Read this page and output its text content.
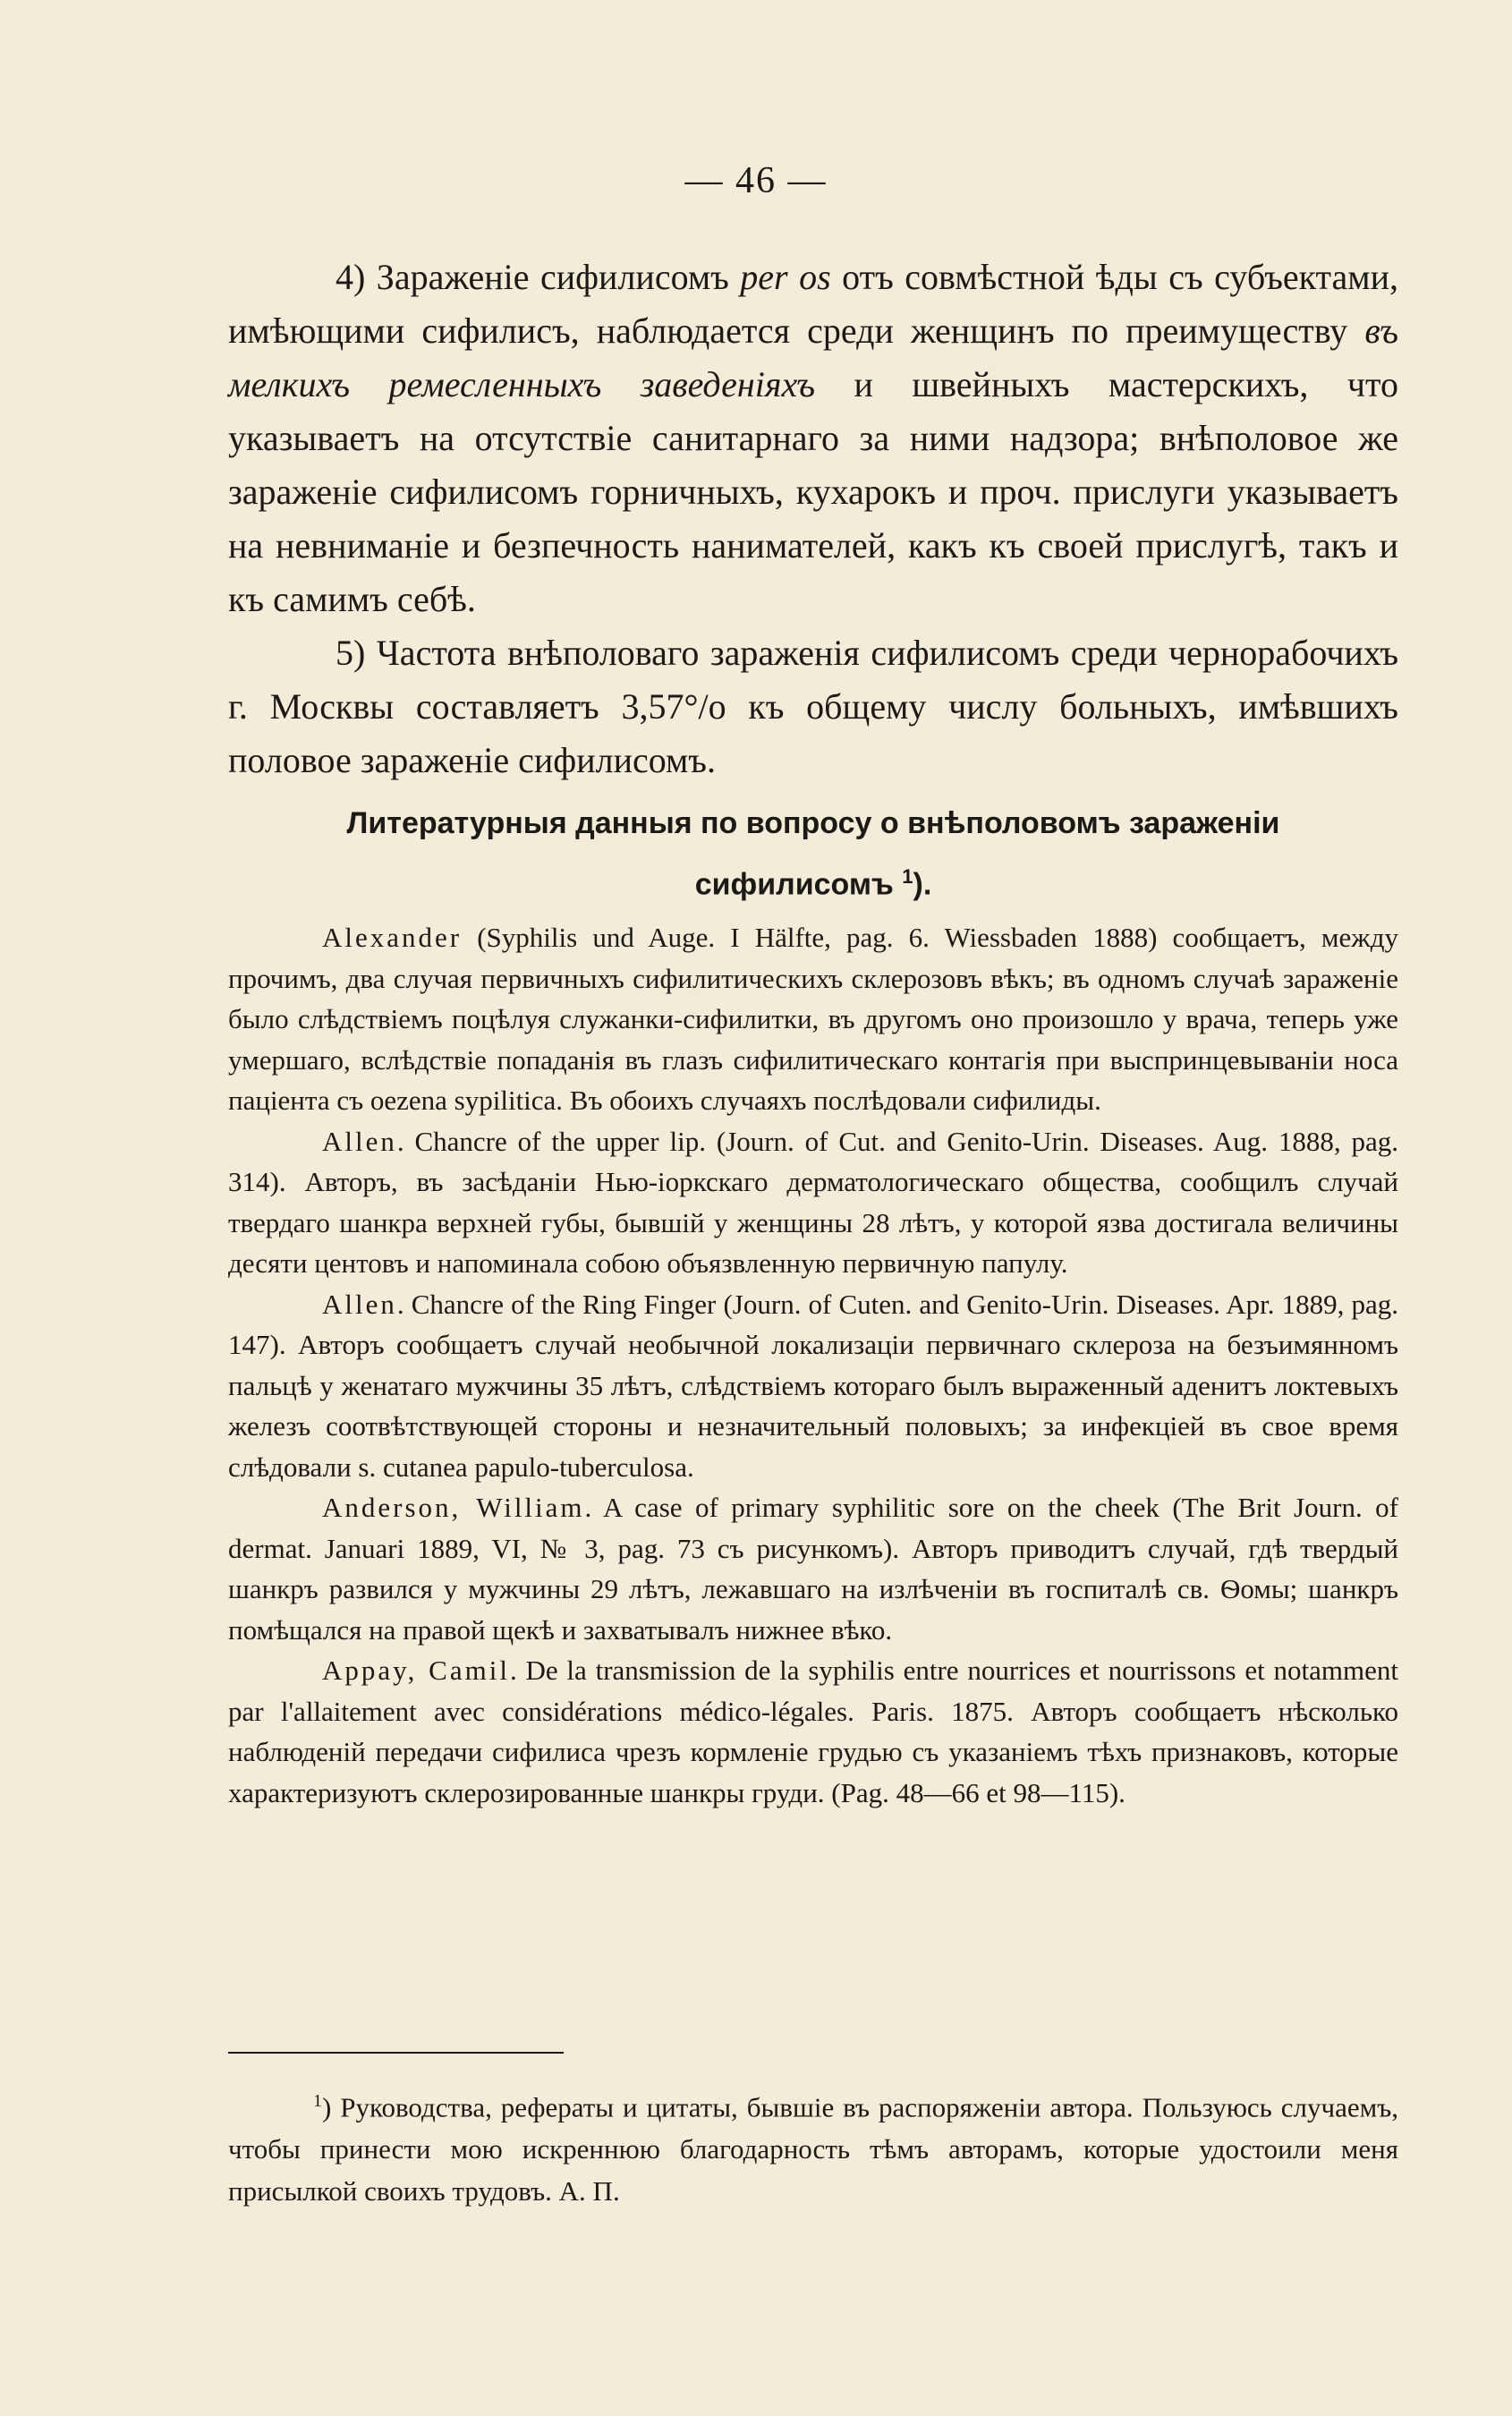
— 46 —

4) Зараженіе сифилисомъ per os отъ совмѣстной ѣды съ субъектами, имѣющими сифилисъ, наблюдается среди женщинъ по преимуществу въ мелкихъ ремесленныхъ заведеніяхъ и швейныхъ мастерскихъ, что указываетъ на отсутствіе санитарнаго за ними надзора; внѣполовое же зараженіе сифилисомъ горничныхъ, кухарокъ и проч. прислуги указываетъ на невниманіе и безпечность нанимателей, какъ къ своей прислугѣ, такъ и къ самимъ себѣ.

5) Частота внѣполоваго зараженія сифилисомъ среди чернорабочихъ г. Москвы составляетъ 3,57°/о къ общему числу больныхъ, имѣвшихъ половое зараженіе сифилисомъ.

Литературныя данныя по вопросу о внѣполовомъ зараженіи
сифилисомъ $^1$).

Alexander (Syphilis und Auge. I Hälfte, pag. 6. Wiessbaden 1888) сообщаетъ, между прочимъ, два случая первичныхъ сифилитическихъ склерозовъ вѣкъ; въ одномъ случаѣ зараженіе было слѣдствіемъ поцѣлуя служанки-сифилитки, въ другомъ оно произошло у врача, теперь уже умершаго, вслѣдствіе попаданія въ глазъ сифилитическаго контагія при выспринцевываніи носа паціента съ oezena syрilitica. Въ обоихъ случаяхъ послѣдовали сифилиды.

Allen. Chancre of the upper lip. (Journ. of Cut. and Genito-Urin. Diseases. Aug. 1888, pag. 314). Авторъ, въ засѣданіи Нью-іоркскаго дерматологическаго общества, сообщилъ случай твердаго шанкра верхней губы, бывшій у женщины 28 лѣтъ, у которой язва достигала величины десяти центовъ и напоминала собою объязвленную первичную папулу.

Allen. Chancre of the Ring Finger (Journ. of Cuten. and Genito-Urin. Diseases. Apr. 1889, pag. 147). Авторъ сообщаетъ случай необычной локализаціи первичнаго склероза на безъимянномъ пальцѣ у женатаго мужчины 35 лѣтъ, слѣдствіемъ котораго былъ выраженный аденитъ локтевыхъ железъ соотвѣтствующей стороны и незначительный половыхъ; за инфекціей въ свое время слѣдовали s. cutanea papulo-tuberculosa.

Anderson, William. A case of primary syphilitic sore on the cheek (The Brit Journ. of dermat. Januari 1889, VI, № 3, pag. 73 съ рисункомъ). Авторъ приводитъ случай, гдѣ твердый шанкръ развился у мужчины 29 лѣтъ, лежавшаго на излѣченіи въ госпиталѣ св. Ѳомы; шанкръ помѣщался на правой щекѣ и захватывалъ нижнее вѣко.

Appay, Camil. De la transmission de la syphilis entre nourrices et nourrissons et notamment par l'allaitement avec considérations médico-légales. Paris. 1875. Авторъ сообщаетъ нѣсколько наблюденій передачи сифилиса чрезъ кормленіе грудью съ указаніемъ тѣхъ признаковъ, которые характеризуютъ склерозированные шанкры груди. (Pag. 48—66 et 98—115).

$^1$) Руководства, рефераты и цитаты, бывшіе въ распоряженіи автора. Пользуюсь случаемъ, чтобы принести мою искреннюю благодарность тѣмъ авторамъ, которые удостоили меня присылкой своихъ трудовъ. А. П.
